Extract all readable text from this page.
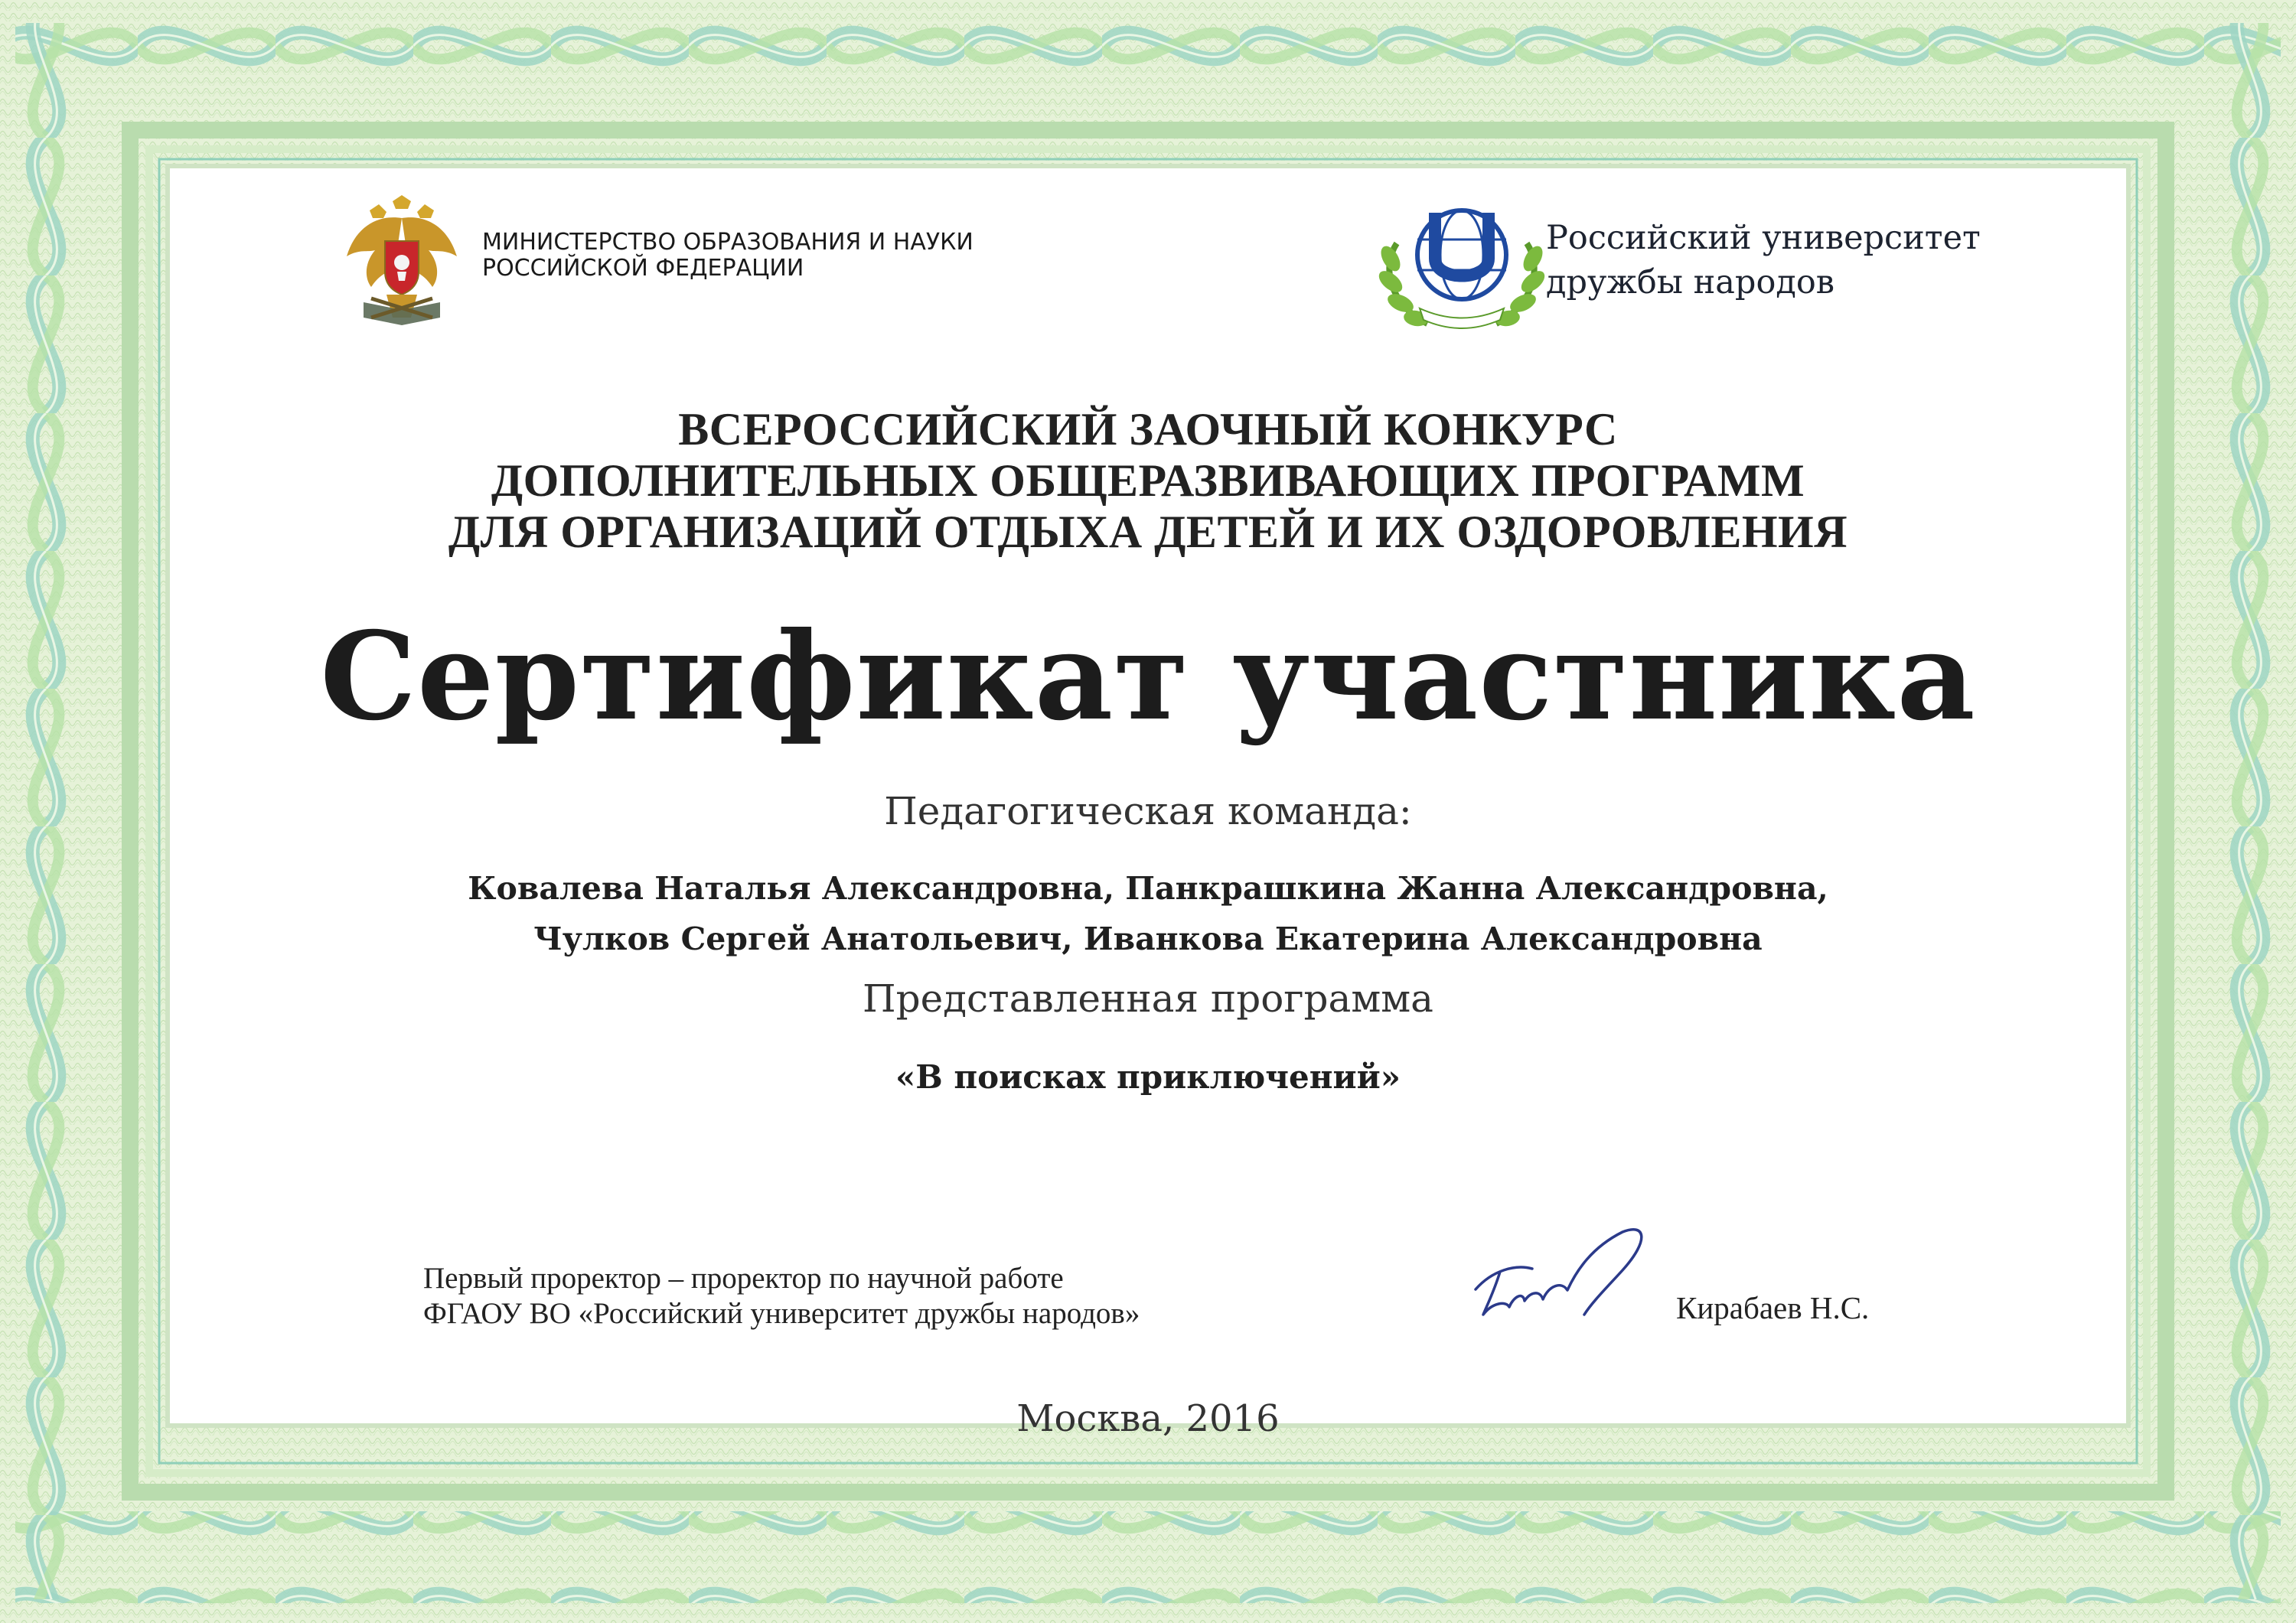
МИНИСТЕРСТВО ОБРАЗОВАНИЯ И НАУКИ
РОССИЙСКОЙ ФЕДЕРАЦИИ
Российский университет
дружбы народов
ВСЕРОССИЙСКИЙ ЗАОЧНЫЙ КОНКУРС
ДОПОЛНИТЕЛЬНЫХ ОБЩЕРАЗВИВАЮЩИХ ПРОГРАММ
ДЛЯ ОРГАНИЗАЦИЙ ОТДЫХА ДЕТЕЙ И ИХ ОЗДОРОВЛЕНИЯ
Сертификат участника
Педагогическая команда:
Ковалева Наталья Александровна, Панкрашкина Жанна Александровна,
Чулков Сергей Анатольевич, Иванкова Екатерина Александровна
Представленная программа
«В поисках приключений»
Первый проректор – проректор по научной работе
ФГАОУ ВО «Российский университет дружбы народов»	Кирабаев Н.С.
Москва, 2016
